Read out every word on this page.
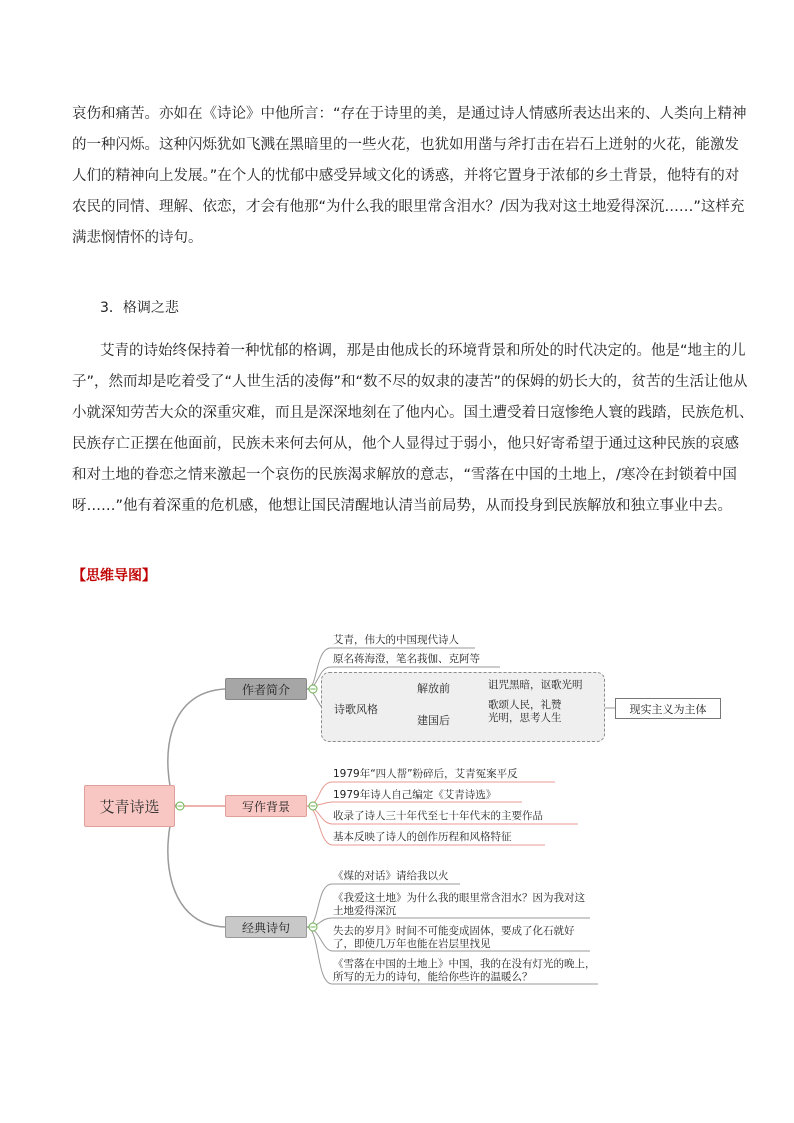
哀伤和痛苦。亦如在《诗论》中他所言：“存在于诗里的美，是通过诗人情感所表达出来的、人类向上精神
的一种闪烁。这种闪烁犹如飞溅在黑暗里的一些火花，也犹如用凿与斧打击在岩石上迸射的火花，能激发
人们的精神向上发展。”在个人的忧郁中感受异域文化的诱惑，并将它置身于浓郁的乡土背景，他特有的对
农民的同情、理解、依恋，才会有他那“为什么我的眼里常含泪水？/因为我对这土地爱得深沉……”这样充
满悲悯情怀的诗句。
3．格调之悲
艾青的诗始终保持着一种忧郁的格调，那是由他成长的环境背景和所处的时代决定的。他是“地主的儿
子”，然而却是吃着受了“人世生活的凌侮”和“数不尽的奴隶的凄苦”的保姆的奶长大的，贫苦的生活让他从
小就深知劳苦大众的深重灾难，而且是深深地刻在了他内心。国土遭受着日寇惨绝人寰的践踏，民族危机、
民族存亡正摆在他面前，民族未来何去何从，他个人显得过于弱小，他只好寄希望于通过这种民族的哀感
和对土地的眷恋之情来激起一个哀伤的民族渴求解放的意志，“雪落在中国的土地上，/寒冷在封锁着中国
呀……”他有着深重的危机感，他想让国民清醒地认清当前局势，从而投身到民族解放和独立事业中去。
【思维导图】
艾青诗选
作者简介
艾青，伟大的中国现代诗人
原名蒋海澄，笔名莪伽、克阿等
诗歌风格
解放前	诅咒黑暗，讴歌光明
建国后
歌颂人民，礼赞光明，思考人生
现实主义为主体
写作背景
1979年“四人帮”粉碎后，艾青冤案平反
1979年诗人自己编定《艾青诗选》
收录了诗人三十年代至七十年代末的主要作品
基本反映了诗人的创作历程和风格特征
经典诗句
《煤的对话》请给我以火
《我爱这土地》为什么我的眼里常含泪水？因为我对这土地爱得深沉
失去的岁月》时间不可能变成固体，要成了化石就好了，即使几万年也能在岩层里找见
《雪落在中国的土地上》中国，我的在没有灯光的晚上，所写的无力的诗句，能给你些许的温暖么？
